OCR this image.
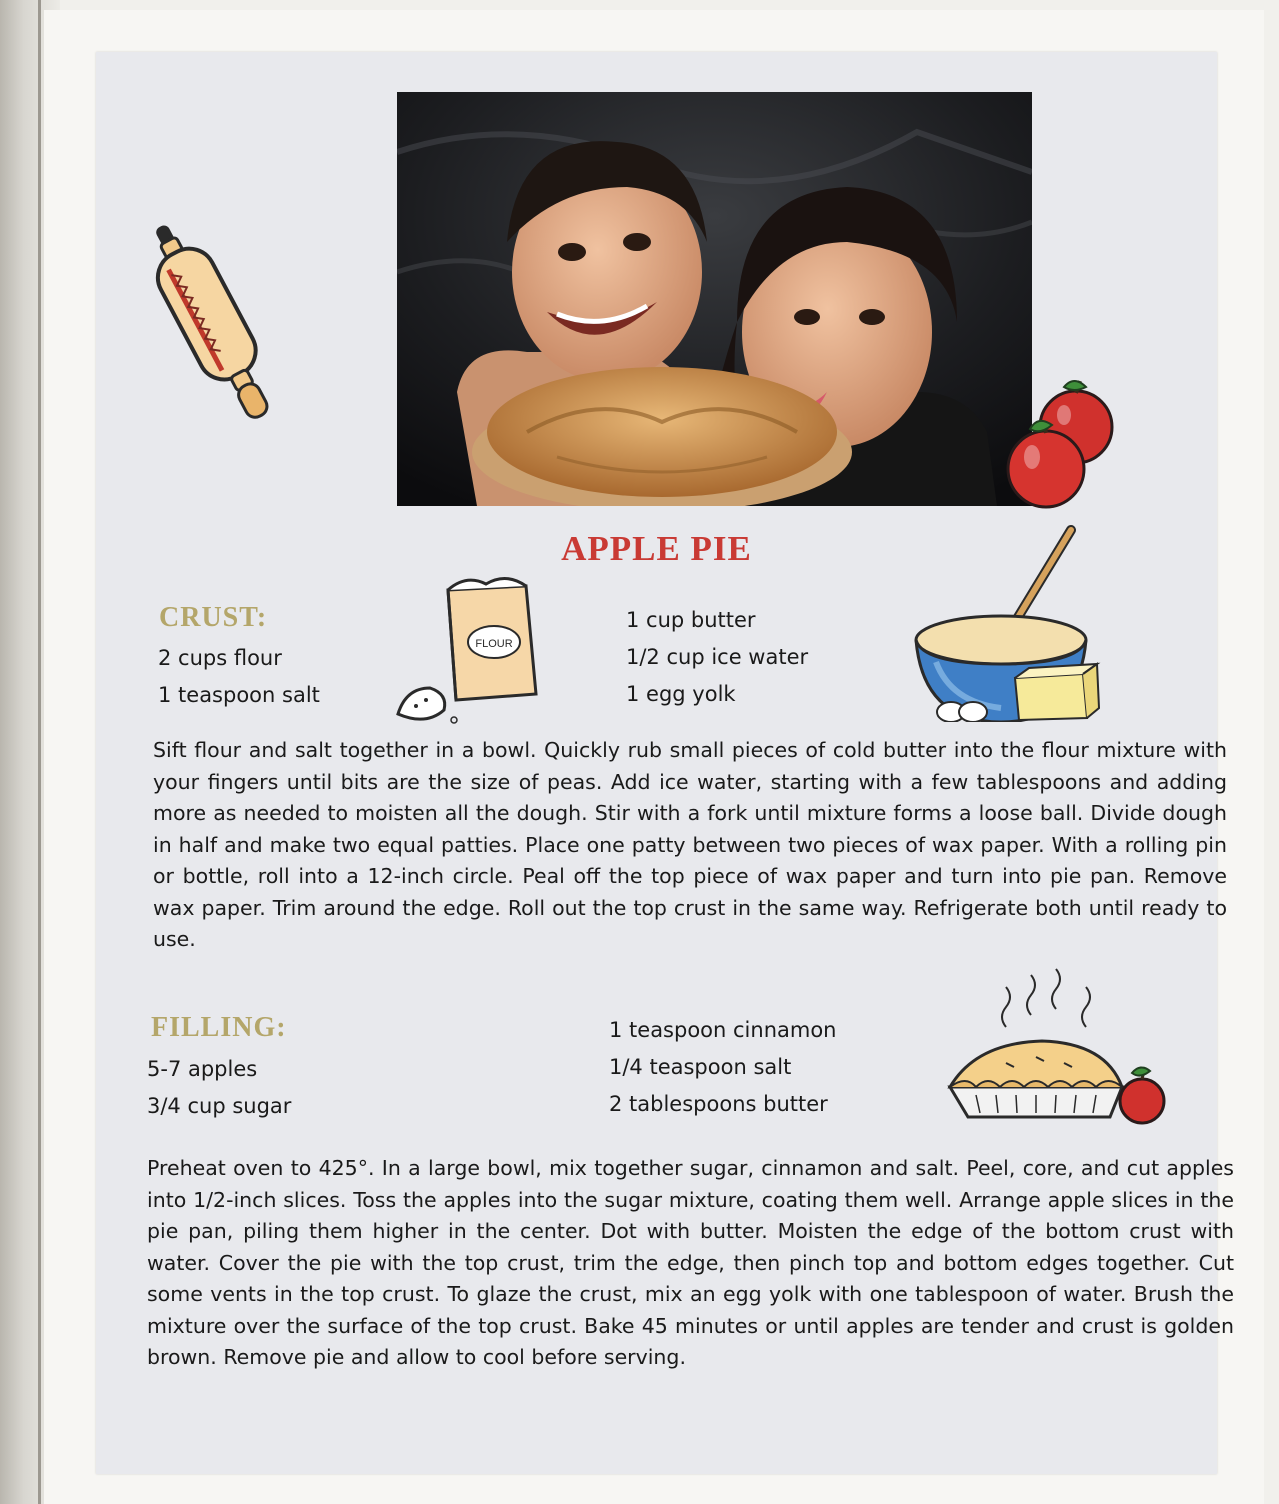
APPLE PIE
CRUST:
2 cups flour
1 teaspoon salt
FLOUR
1 cup butter
1/2 cup ice water
1 egg yolk

Sift flour and salt together in a bowl. Quickly rub small pieces of cold butter into the flour mixture with your fingers until bits are the size of peas. Add ice water, starting with a few tablespoons and adding more as needed to moisten all the dough. Stir with a fork until mixture forms a loose ball. Divide dough in half and make two equal patties. Place one patty between two pieces of wax paper. With a rolling pin or bottle, roll into a 12-inch circle. Peal off the top piece of wax paper and turn into pie pan. Remove wax paper. Trim around the edge. Roll out the top crust in the same way. Refrigerate both until ready to use.

FILLING:
5-7 apples
3/4 cup sugar
1 teaspoon cinnamon
1/4 teaspoon salt
2 tablespoons butter

Preheat oven to 425°. In a large bowl, mix together sugar, cinnamon and salt. Peel, core, and cut apples into 1/2-inch slices. Toss the apples into the sugar mixture, coating them well. Arrange apple slices in the pie pan, piling them higher in the center. Dot with butter. Moisten the edge of the bottom crust with water. Cover the pie with the top crust, trim the edge, then pinch top and bottom edges together. Cut some vents in the top crust. To glaze the crust, mix an egg yolk with one tablespoon of water. Brush the mixture over the surface of the top crust. Bake 45 minutes or until apples are tender and crust is golden brown. Remove pie and allow to cool before serving.
